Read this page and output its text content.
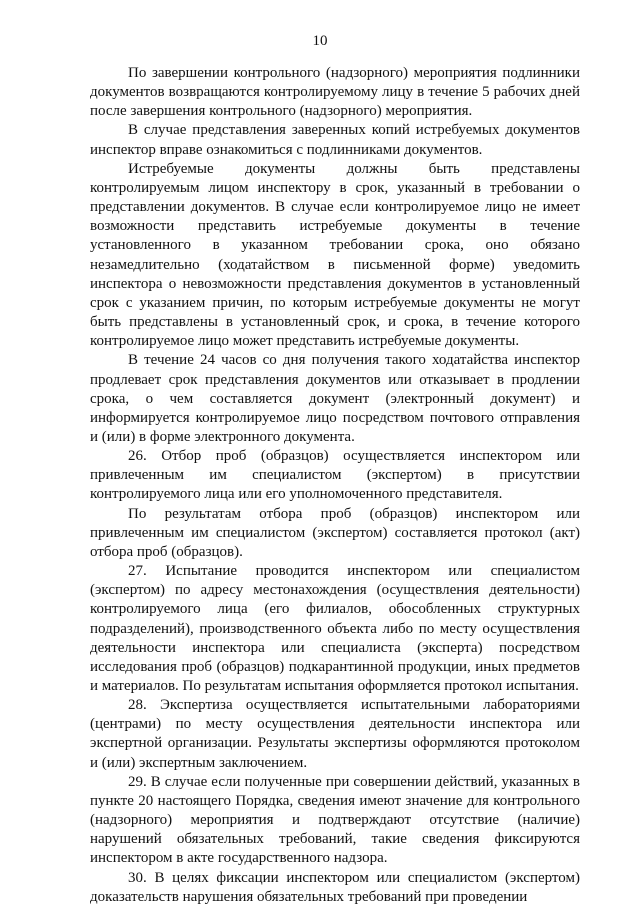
10

По завершении контрольного (надзорного) мероприятия подлинники документов возвращаются контролируемому лицу в течение 5 рабочих дней после завершения контрольного (надзорного) мероприятия.

В случае представления заверенных копий истребуемых документов инспектор вправе ознакомиться с подлинниками документов.

Истребуемые документы должны быть представлены контролируемым лицом инспектору в срок, указанный в требовании о представлении документов. В случае если контролируемое лицо не имеет возможности представить истребуемые документы в течение установленного в указанном требовании срока, оно обязано незамедлительно (ходатайством в письменной форме) уведомить инспектора о невозможности представления документов в установленный срок с указанием причин, по которым истребуемые документы не могут быть представлены в установленный срок, и срока, в течение которого контролируемое лицо может представить истребуемые документы.

В течение 24 часов со дня получения такого ходатайства инспектор продлевает срок представления документов или отказывает в продлении срока, о чем составляется документ (электронный документ) и информируется контролируемое лицо посредством почтового отправления и (или) в форме электронного документа.

26. Отбор проб (образцов) осуществляется инспектором или привлеченным им специалистом (экспертом) в присутствии контролируемого лица или его уполномоченного представителя.

По результатам отбора проб (образцов) инспектором или привлеченным им специалистом (экспертом) составляется протокол (акт) отбора проб (образцов).

27. Испытание проводится инспектором или специалистом (экспертом) по адресу местонахождения (осуществления деятельности) контролируемого лица (его филиалов, обособленных структурных подразделений), производственного объекта либо по месту осуществления деятельности инспектора или специалиста (эксперта) посредством исследования проб (образцов) подкарантинной продукции, иных предметов и материалов. По результатам испытания оформляется протокол испытания.

28. Экспертиза осуществляется испытательными лабораториями (центрами) по месту осуществления деятельности инспектора или экспертной организации. Результаты экспертизы оформляются протоколом и (или) экспертным заключением.

29. В случае если полученные при совершении действий, указанных в пункте 20 настоящего Порядка, сведения имеют значение для контрольного (надзорного) мероприятия и подтверждают отсутствие (наличие) нарушений обязательных требований, такие сведения фиксируются инспектором в акте государственного надзора.

30. В целях фиксации инспектором или специалистом (экспертом) доказательств нарушения обязательных требований при проведении
